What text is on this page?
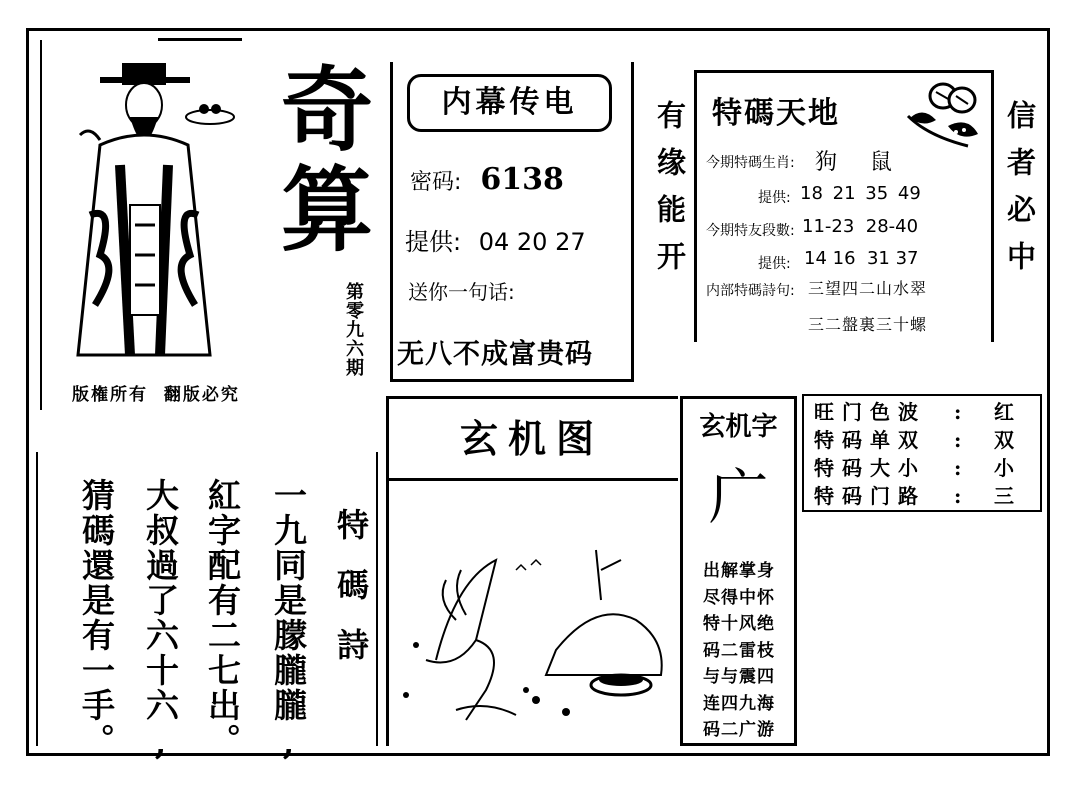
奇
算
第零九六期
版権所有  翻版必究
内幕传电
密码: 6138
提供: 04 20 27
送你一句话:
无八不成富贵码
有缘能开 特碼天地
今期特碼生肖: 狗   鼠
提供: 18 21 35 49
今期特友段數: 11-23  28-40
提供: 14 16  31 37
内部特碼詩句: 三望四二山水翠
三二盤裏三十螺
信者必中
玄机图	玄机字
广
出解掌身
尽得中怀
特十风绝
码二雷枝
与与震四
连四九海
码二广游
旺门色波	:	红
特码单双	:	双
特码大小	:	小
特码门路	:	三
特碼詩
一九同是朦朧朧,
紅字配有二七出。
大叔過了六十六,
猜碼還是有一手。
